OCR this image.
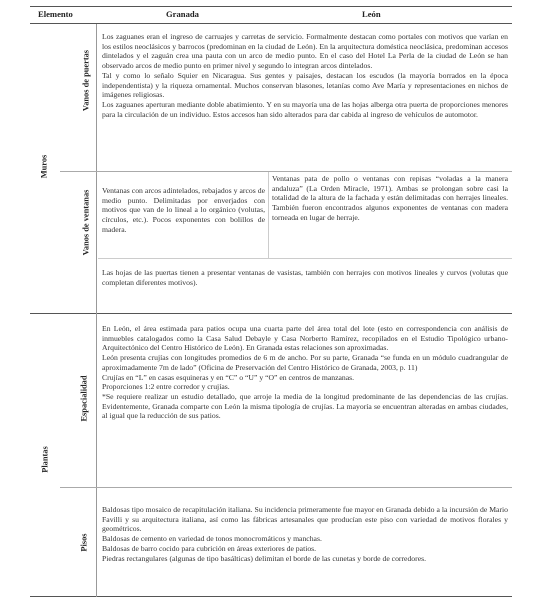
Elemento	Granada	León
Muros
Vanos de puertas
Vanos de ventanas
Plantas
Espacialidad
Pisos

Los zaguanes eran el ingreso de carruajes y carretas de servicio. Formalmente destacan como portales con motivos que varían en los estilos neoclásicos y barrocos (predominan en la ciudad de León). En la arquitectura doméstica neoclásica, predominan accesos dintelados y el zaguán crea una pauta con un arco de medio punto. En el caso del Hotel La Perla de la ciudad de León se han observado arcos de medio punto en primer nivel y segundo lo integran arcos dintelados.

Tal y como lo señalo Squier en Nicaragua. Sus gentes y paisajes, destacan los escudos (la mayoría borrados en la época independentista) y la riqueza ornamental. Muchos conservan blasones, letanías como Ave María y representaciones en nichos de imágenes religiosas.

Los zaguanes aperturan mediante doble abatimiento. Y en su mayoría una de las hojas alberga otra puerta de proporciones menores para la circulación de un individuo. Estos accesos han sido alterados para dar cabida al ingreso de vehículos de automotor.

Ventanas con arcos adintelados, rebajados y arcos de medio punto. Delimitadas por enverjados con motivos que van de lo lineal a lo orgánico (volutas, círculos, etc.). Pocos exponentes con bolillos de madera.
Ventanas pata de pollo o ventanas con repisas “voladas a la manera andaluza” (La Orden Miracle, 1971). Ambas se prolongan sobre casi la totalidad de la altura de la fachada y están delimitadas con herrajes lineales. También fueron encontrados algunos exponentes de ventanas con madera torneada en lugar de herraje.
Las hojas de las puertas tienen a presentar ventanas de vasistas, también con herrajes con motivos lineales y curvos (volutas que completan diferentes motivos).

En León, el área estimada para patios ocupa una cuarta parte del área total del lote (esto en correspondencia con análisis de inmuebles catalogados como la Casa Salud Debayle y Casa Norberto Ramírez, recopilados en el Estudio Tipológico urbano-Arquitectónico del Centro Histórico de León). En Granada estas relaciones son aproximadas.

León presenta crujías con longitudes promedios de 6 m de ancho. Por su parte, Granada “se funda en un módulo cuadrangular de aproximadamente 7m de lado” (Oficina de Preservación del Centro Histórico de Granada, 2003, p. 11)

Crujías en “L” en casas esquineras y en “C” o “U” y “O” en centros de manzanas.

Proporciones 1:2 entre corredor y crujías.

*Se requiere realizar un estudio detallado, que arroje la media de la longitud predominante de las dependencias de las crujías. Evidentemente, Granada comparte con León la misma tipología de crujías. La mayoría se encuentran alteradas en ambas ciudades, al igual que la reducción de sus patios.

Baldosas tipo mosaico de recapitulación italiana. Su incidencia primeramente fue mayor en Granada debido a la incursión de Mario Favilli y su arquitectura italiana, así como las fábricas artesanales que producían este piso con variedad de motivos florales y geométricos.

Baldosas de cemento en variedad de tonos monocromáticos y manchas.

Baldosas de barro cocido para cubrición en áreas exteriores de patios.

Piedras rectangulares (algunas de tipo basálticas) delimitan el borde de las cunetas y borde de corredores.
